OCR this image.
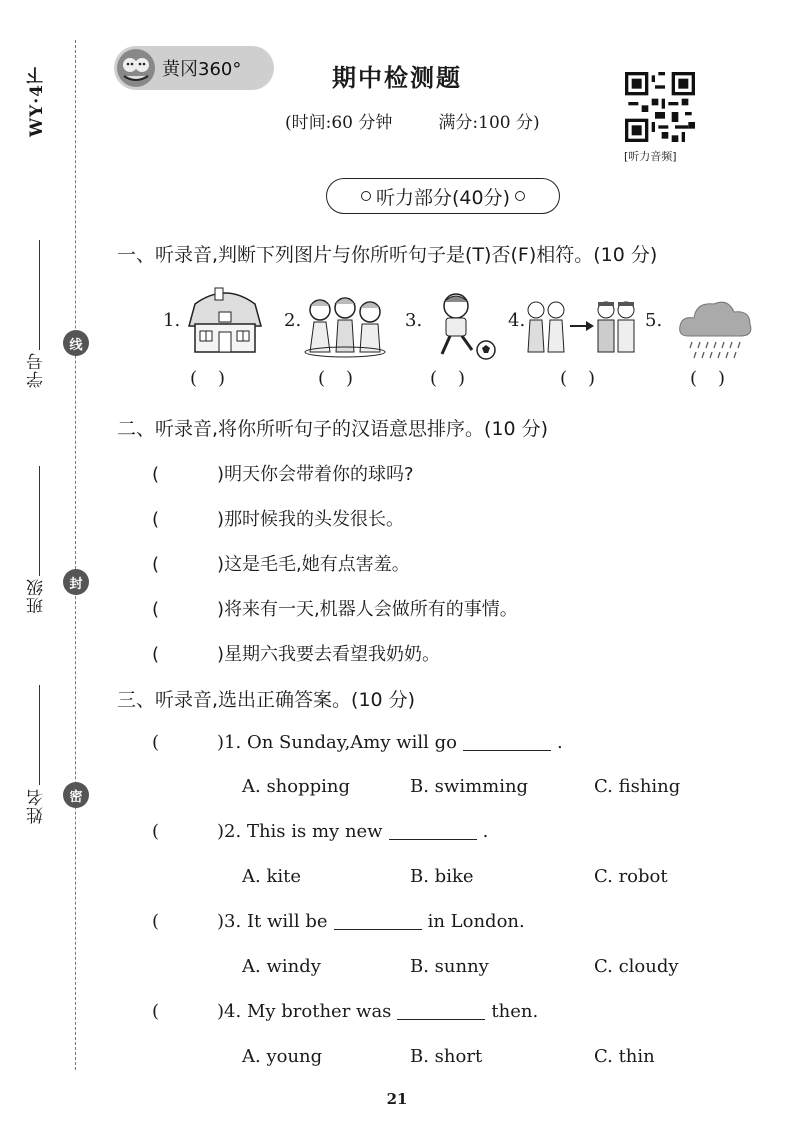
WY·4下
学号
线
班级	封
姓名	密
黄冈360°	期中检测题
(时间:60 分钟	满分:100 分)
[听力音频]
听力部分(40分)
一、听录音,判断下列图片与你所听句子是(T)否(F)相符。(10 分)
1.
( )
2.
( )
3.
( )
4.
( )
5.
( )
二、听录音,将你所听句子的汉语意思排序。(10 分)
(	)明天你会带着你的球吗?
(	)那时候我的头发很长。
(	)这是毛毛,她有点害羞。
(	)将来有一天,机器人会做所有的事情。
(	)星期六我要去看望我奶奶。
三、听录音,选出正确答案。(10 分)
(	)1. On Sunday,Amy will go	.
A. shopping	B. swimming	C. fishing
(	)2. This is my new	.
A. kite	B. bike	C. robot
(	)3. It will be	in London.
A. windy	B. sunny	C. cloudy
(	)4. My brother was	then.
A. young	B. short	C. thin
21
